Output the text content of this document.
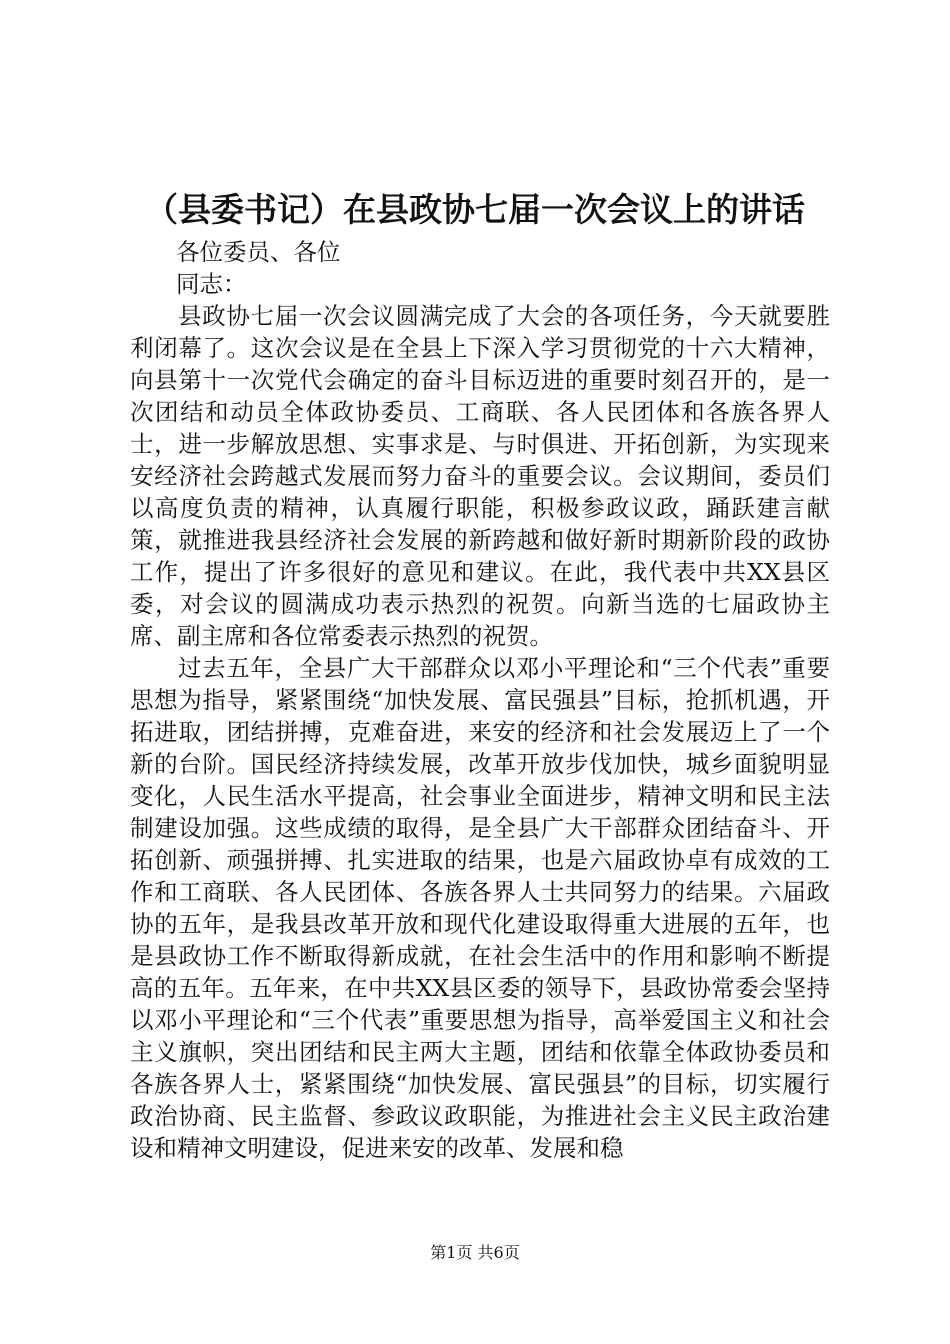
（县委书记）在县政协七届一次会议上的讲话

各位委员、各位

同志：

县政协七届一次会议圆满完成了大会的各项任务，今天就要胜利闭幕了。这次会议是在全县上下深入学习贯彻党的十六大精神，向县第十一次党代会确定的奋斗目标迈进的重要时刻召开的，是一次团结和动员全体政协委员、工商联、各人民团体和各族各界人士，进一步解放思想、实事求是、与时俱进、开拓创新，为实现来安经济社会跨越式发展而努力奋斗的重要会议。会议期间，委员们以高度负责的精神，认真履行职能，积极参政议政，踊跃建言献策，就推进我县经济社会发展的新跨越和做好新时期新阶段的政协工作，提出了许多很好的意见和建议。在此，我代表中共XX县区委，对会议的圆满成功表示热烈的祝贺。向新当选的七届政协主席、副主席和各位常委表示热烈的祝贺。

过去五年，全县广大干部群众以邓小平理论和“三个代表”重要思想为指导，紧紧围绕“加快发展、富民强县”目标，抢抓机遇，开拓进取，团结拼搏，克难奋进，来安的经济和社会发展迈上了一个新的台阶。国民经济持续发展，改革开放步伐加快，城乡面貌明显变化，人民生活水平提高，社会事业全面进步，精神文明和民主法制建设加强。这些成绩的取得，是全县广大干部群众团结奋斗、开拓创新、顽强拼搏、扎实进取的结果，也是六届政协卓有成效的工作和工商联、各人民团体、各族各界人士共同努力的结果。六届政协的五年，是我县改革开放和现代化建设取得重大进展的五年，也是县政协工作不断取得新成就，在社会生活中的作用和影响不断提高的五年。五年来，在中共XX县区委的领导下，县政协常委会坚持以邓小平理论和“三个代表”重要思想为指导，高举爱国主义和社会主义旗帜，突出团结和民主两大主题，团结和依靠全体政协委员和各族各界人士，紧紧围绕“加快发展、富民强县”的目标，切实履行政治协商、民主监督、参政议政职能，为推进社会主义民主政治建设和精神文明建设，促进来安的改革、发展和稳

第1页 共6页
